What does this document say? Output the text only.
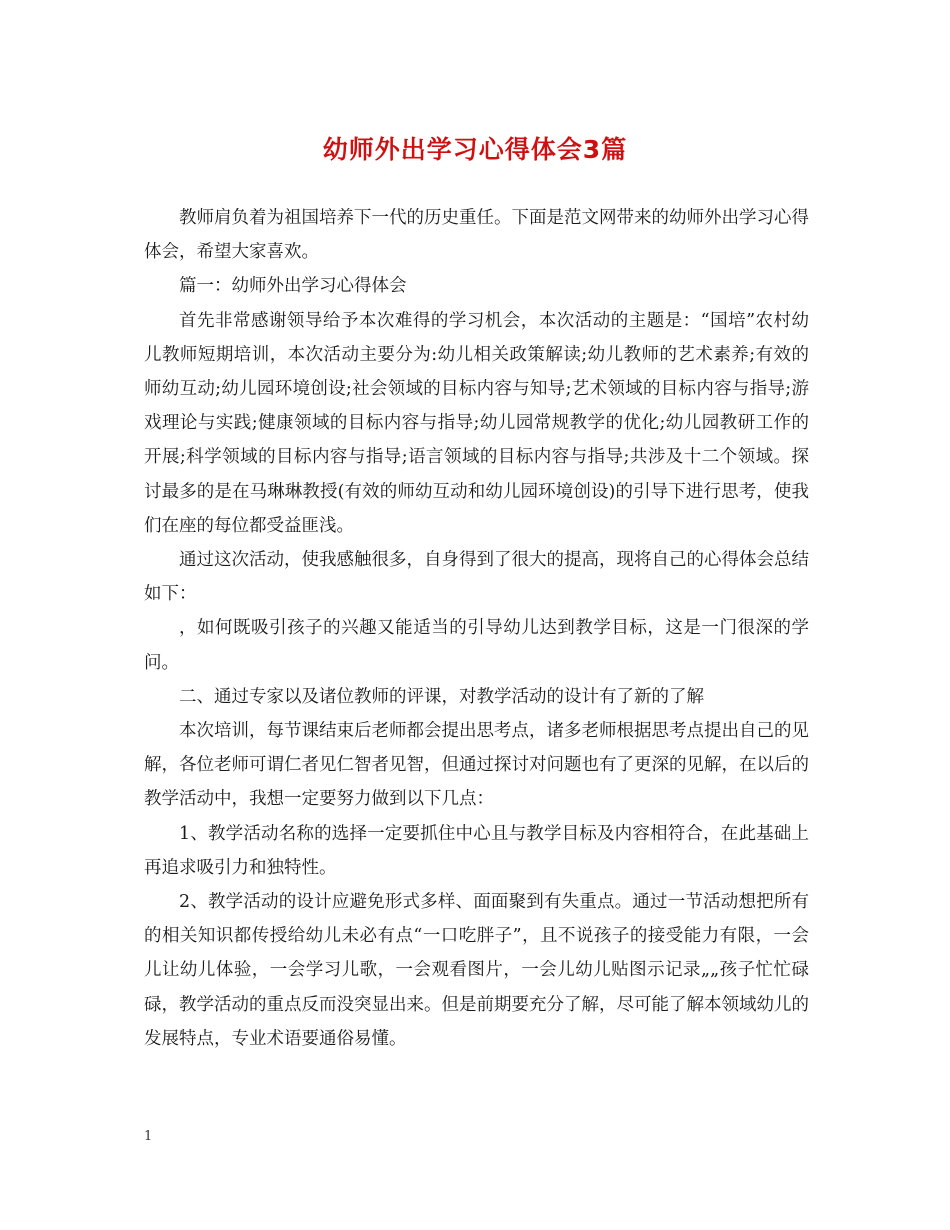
幼师外出学习心得体会3篇

教师肩负着为祖国培养下一代的历史重任。下面是范文网带来的幼师外出学习心得体会，希望大家喜欢。

篇一：幼师外出学习心得体会

首先非常感谢领导给予本次难得的学习机会，本次活动的主题是：“国培”农村幼儿教师短期培训，本次活动主要分为:幼儿相关政策解读;幼儿教师的艺术素养;有效的师幼互动;幼儿园环境创设;社会领域的目标内容与知导;艺术领域的目标内容与指导;游戏理论与实践;健康领域的目标内容与指导;幼儿园常规教学的优化;幼儿园教研工作的开展;科学领域的目标内容与指导;语言领域的目标内容与指导;共涉及十二个领域。探讨最多的是在马琳琳教授(有效的师幼互动和幼儿园环境创设)的引导下进行思考，使我们在座的每位都受益匪浅。

通过这次活动，使我感触很多，自身得到了很大的提高，现将自己的心得体会总结如下：

，如何既吸引孩子的兴趣又能适当的引导幼儿达到教学目标，这是一门很深的学问。

二、通过专家以及诸位教师的评课，对教学活动的设计有了新的了解

本次培训，每节课结束后老师都会提出思考点，诸多老师根据思考点提出自己的见解，各位老师可谓仁者见仁智者见智，但通过探讨对问题也有了更深的见解，在以后的教学活动中，我想一定要努力做到以下几点：

1、教学活动名称的选择一定要抓住中心且与教学目标及内容相符合，在此基础上再追求吸引力和独特性。

2、教学活动的设计应避免形式多样、面面聚到有失重点。通过一节活动想把所有的相关知识都传授给幼儿未必有点“一口吃胖子”，且不说孩子的接受能力有限，一会儿让幼儿体验，一会学习儿歌，一会观看图片，一会儿幼儿贴图示记录„„孩子忙忙碌碌，教学活动的重点反而没突显出来。但是前期要充分了解，尽可能了解本领域幼儿的发展特点，专业术语要通俗易懂。

1
